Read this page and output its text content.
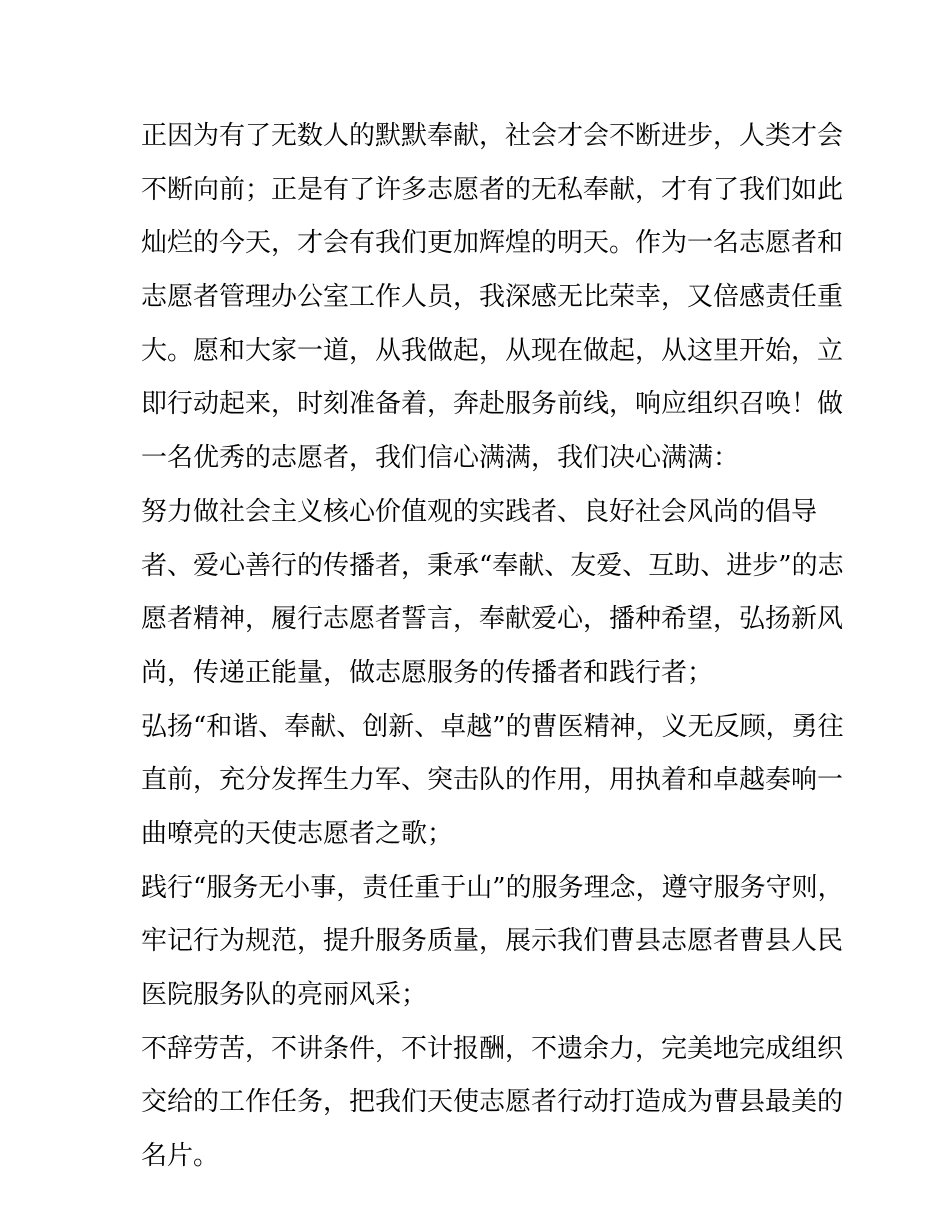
正因为有了无数人的默默奉献，社会才会不断进步，人类才会
不断向前；正是有了许多志愿者的无私奉献，才有了我们如此
灿烂的今天，才会有我们更加辉煌的明天。作为一名志愿者和
志愿者管理办公室工作人员，我深感无比荣幸，又倍感责任重
大。愿和大家一道，从我做起，从现在做起，从这里开始，立
即行动起来，时刻准备着，奔赴服务前线，响应组织召唤！做
一名优秀的志愿者，我们信心满满，我们决心满满：
努力做社会主义核心价值观的实践者、良好社会风尚的倡导
者、爱心善行的传播者，秉承“奉献、友爱、互助、进步”的志
愿者精神，履行志愿者誓言，奉献爱心，播种希望，弘扬新风
尚，传递正能量，做志愿服务的传播者和践行者；
弘扬“和谐、奉献、创新、卓越”的曹医精神，义无反顾，勇往
直前，充分发挥生力军、突击队的作用，用执着和卓越奏响一
曲嘹亮的天使志愿者之歌；
践行“服务无小事，责任重于山”的服务理念，遵守服务守则，
牢记行为规范，提升服务质量，展示我们曹县志愿者曹县人民
医院服务队的亮丽风采；
不辞劳苦，不讲条件，不计报酬，不遗余力，完美地完成组织
交给的工作任务，把我们天使志愿者行动打造成为曹县最美的
名片。
